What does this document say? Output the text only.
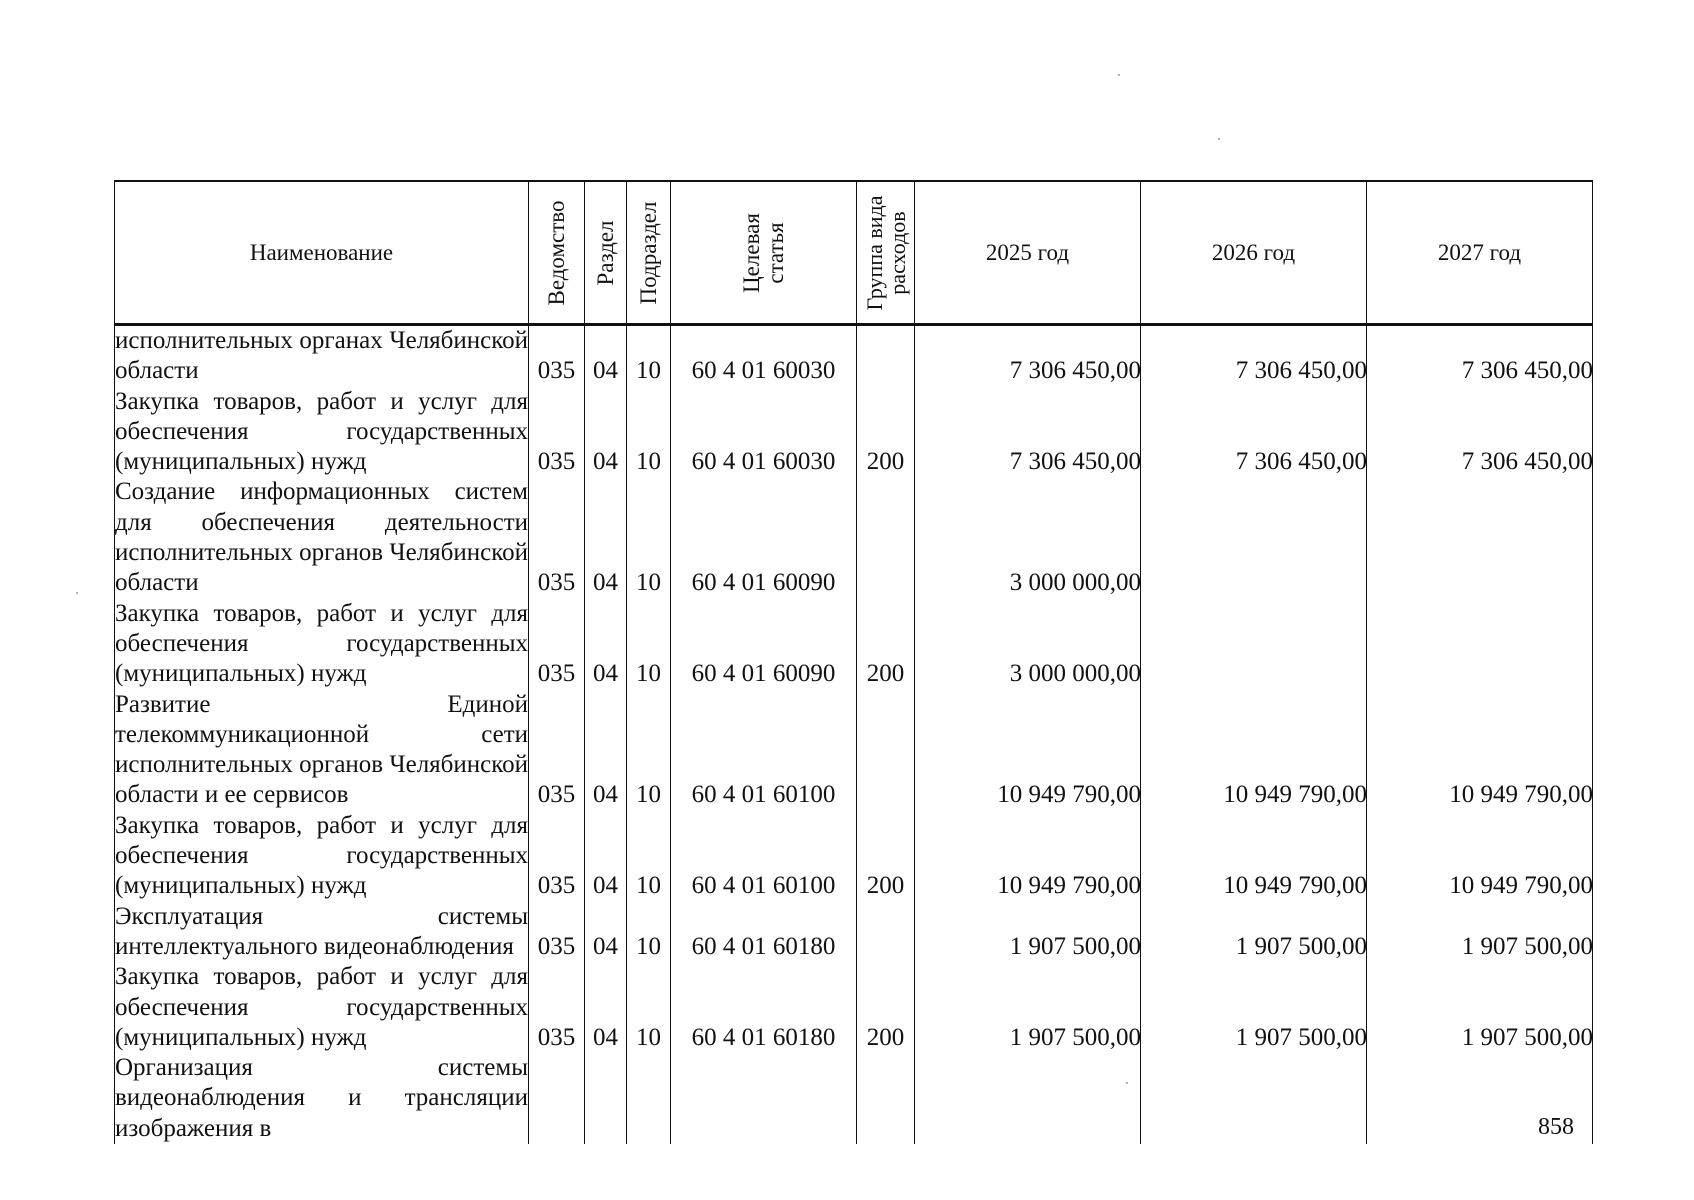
Наименование	Ведомство	Раздел	Подраздел	Целевая статья	Группа вида расходов	2025 год	2026 год	2027 год
исполнительных органах Челябинской области	035	04	10	60 4 01 60030		7 306 450,00	7 306 450,00	7 306 450,00
Закупка товаров, работ и услуг для обеспечения государственных (муниципальных) нужд	035	04	10	60 4 01 60030	200	7 306 450,00	7 306 450,00	7 306 450,00
Создание информационных систем для обеспечения деятельности исполнительных органов Челябинской области	035	04	10	60 4 01 60090		3 000 000,00		
Закупка товаров, работ и услуг для обеспечения государственных (муниципальных) нужд	035	04	10	60 4 01 60090	200	3 000 000,00		
Развитие Единой телекоммуникационной сети исполнительных органов Челябинской области и ее сервисов	035	04	10	60 4 01 60100		10 949 790,00	10 949 790,00	10 949 790,00
Закупка товаров, работ и услуг для обеспечения государственных (муниципальных) нужд	035	04	10	60 4 01 60100	200	10 949 790,00	10 949 790,00	10 949 790,00
Эксплуатация системы интеллектуального видеонаблюдения	035	04	10	60 4 01 60180		1 907 500,00	1 907 500,00	1 907 500,00
Закупка товаров, работ и услуг для обеспечения государственных (муниципальных) нужд	035	04	10	60 4 01 60180	200	1 907 500,00	1 907 500,00	1 907 500,00
Организация системы видеонаблюдения и трансляции изображения в									858
